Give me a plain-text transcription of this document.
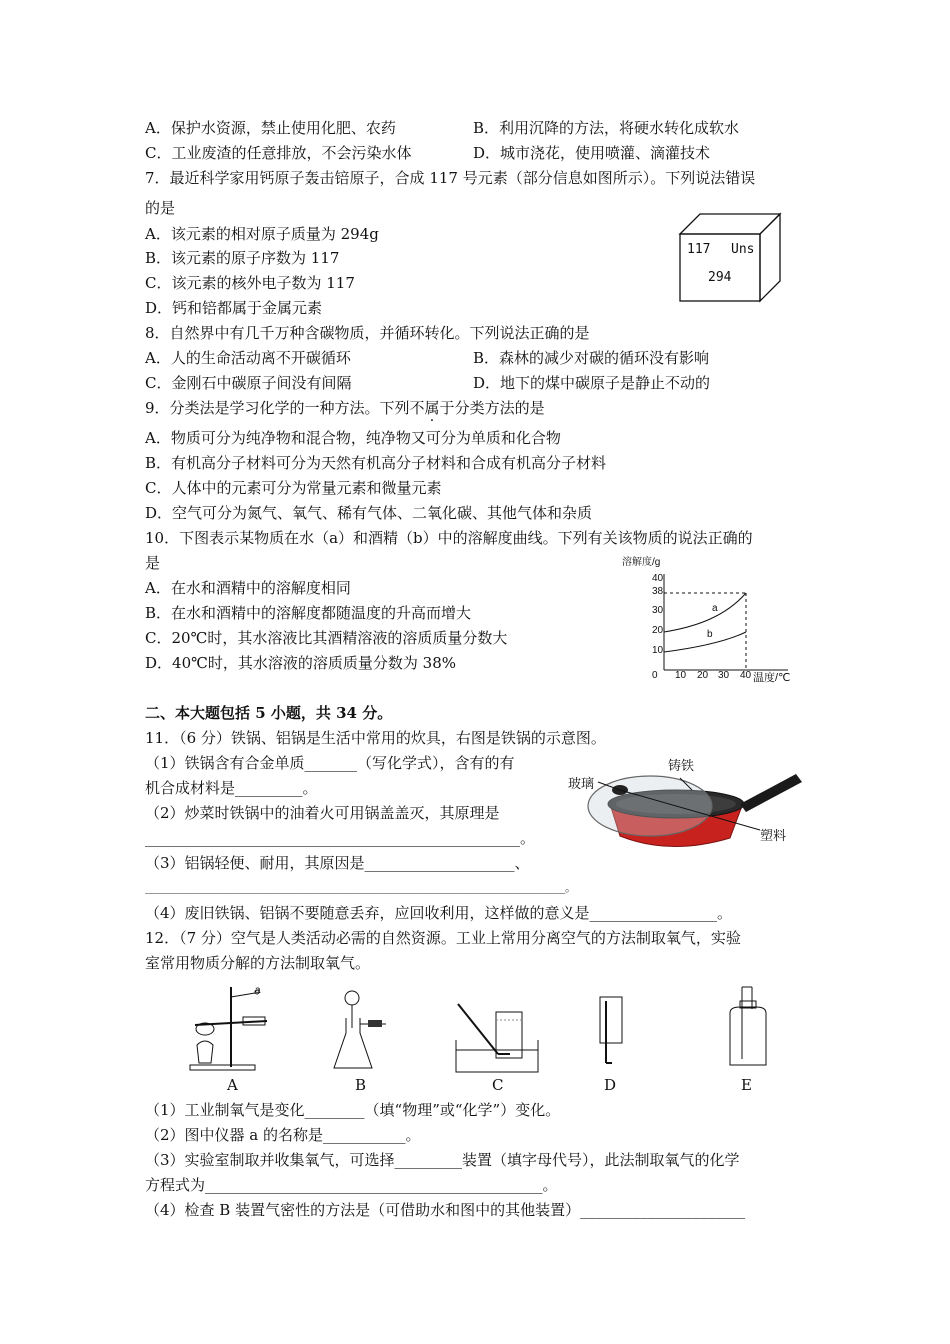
A．保护水资源，禁止使用化肥、农药	B．利用沉降的方法，将硬水转化成软水
C．工业废渣的任意排放，不会污染水体	D．城市浇花，使用喷灌、滴灌技术
7．最近科学家用钙原子轰击锫原子，合成 117 号元素（部分信息如图所示）。下列说法错误
的是
A．该元素的相对原子质量为 294g
B．该元素的原子序数为 117
C．该元素的核外电子数为 117
D．钙和锫都属于金属元素
117 Uns
294
8．自然界中有几千万种含碳物质，并循环转化。下列说法正确的是
A．人的生命活动离不开碳循环	B．森林的减少对碳的循环没有影响
C．金刚石中碳原子间没有间隔	D．地下的煤中碳原子是静止不动的
9．分类法是学习化学的一种方法。下列不属于分类方法的是
A．物质可分为纯净物和混合物，纯净物又可分为单质和化合物
B．有机高分子材料可分为天然有机高分子材料和合成有机高分子材料
C．人体中的元素可分为常量元素和微量元素
D．空气可分为氮气、氧气、稀有气体、二氧化碳、其他气体和杂质
10．下图表示某物质在水（a）和酒精（b）中的溶解度曲线。下列有关该物质的说法正确的
是
A．在水和酒精中的溶解度相同
B．在水和酒精中的溶解度都随温度的升高而增大
C．20℃时，其水溶液比其酒精溶液的溶质质量分数大
D．40℃时，其水溶液的溶质质量分数为 38%
溶解度/g
40
38
30
20
10
0 10 20 30 40 温度/℃
a
b
二、本大题包括 5 小题，共 34 分。
11．（6 分）铁锅、铝锅是生活中常用的炊具，右图是铁锅的示意图。
（1）铁锅含有合金单质_______（写化学式），含有的有
机合成材料是_________。
（2）炒菜时铁锅中的油着火可用锅盖盖灭，其原理是
__________________________________________________。
（3）铝锅轻便、耐用，其原因是____________________、
____________________________________________________________________________________。
（4）废旧铁锅、铝锅不要随意丢弃，应回收利用，这样做的意义是_________________。
玻璃
铸铁
塑料
12．（7 分）空气是人类活动必需的自然资源。工业上常用分离空气的方法制取氧气，实验
室常用物质分解的方法制取氧气。
a
A	B	C	D	E
（1）工业制氧气是变化________（填“物理”或“化学”）变化。
（2）图中仪器 a 的名称是___________。
（3）实验室制取并收集氧气，可选择_________装置（填字母代号），此法制取氧气的化学
方程式为_____________________________________________。
（4）检查 B 装置气密性的方法是（可借助水和图中的其他装置）______________________
